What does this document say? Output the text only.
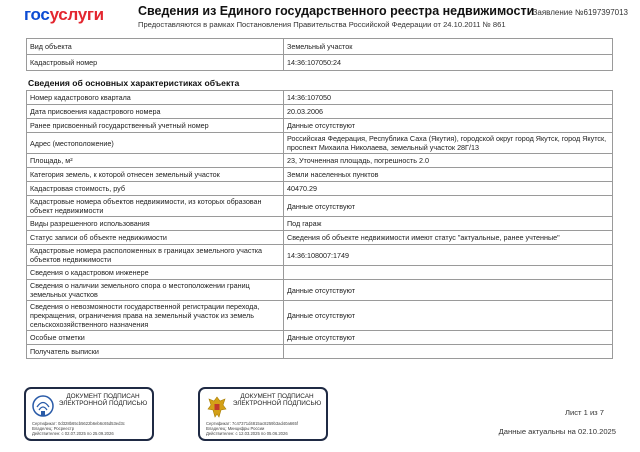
госуслуги	Сведения из Единого государственного реестра недвижимости
Предоставляются в рамках Постановления Правительства Российской Федерации от 24.10.2011 № 861
Заявление №6197397013
Вид объекта	Земельный участок
Кадастровый номер	14:36:107050:24
Сведения об основных характеристиках объекта
Номер кадастрового квартала	14:36:107050
Дата присвоения кадастрового номера	20.03.2006
Ранее присвоенный государственный учетный номер	Данные отсутствуют
Адрес (местоположение)	Российская Федерация, Республика Саха (Якутия), городской округ город Якутск, город Якутск, проспект Михаила Николаева, земельный участок 28Г/13
Площадь, м²	23, Уточненная площадь, погрешность 2.0
Категория земель, к которой отнесен земельный участок	Земли населенных пунктов
Кадастровая стоимость, руб	40470.29
Кадастровые номера объектов недвижимости, из которых образован объект недвижимости	Данные отсутствуют
Виды разрешенного использования	Под гараж
Статус записи об объекте недвижимости	Сведения об объекте недвижимости имеют статус "актуальные, ранее учтенные"
Кадастровые номера расположенных в границах земельного участка объектов недвижимости	14:36:108007:1749
Сведения о кадастровом инженере	
Сведения о наличии земельного спора о местоположении границ земельных участков	Данные отсутствуют
Сведения о невозможности государственной регистрации перехода, прекращения, ограничения права на земельный участок из земель сельскохозяйственного назначения	Данные отсутствуют
Особые отметки	Данные отсутствуют
Получатель выписки	
ДОКУМЕНТ ПОДПИСАН ЭЛЕКТРОННОЙ ПОДПИСЬЮ
Сертификат: 0d328b65cb5622b6eb6c65d53ed3c
Владелец: Росреестр
Действителен: с 02.07.2025 по 25.09.2026
ДОКУМЕНТ ПОДПИСАН ЭЛЕКТРОННОЙ ПОДПИСЬЮ
Сертификат: 7c47371d4815ac8259b3ad40a665f
Владелец: Минцифры России
Действителен: с 12.03.2025 по 05.06.2026
Лист 1 из 7
Данные актуальны на 02.10.2025
